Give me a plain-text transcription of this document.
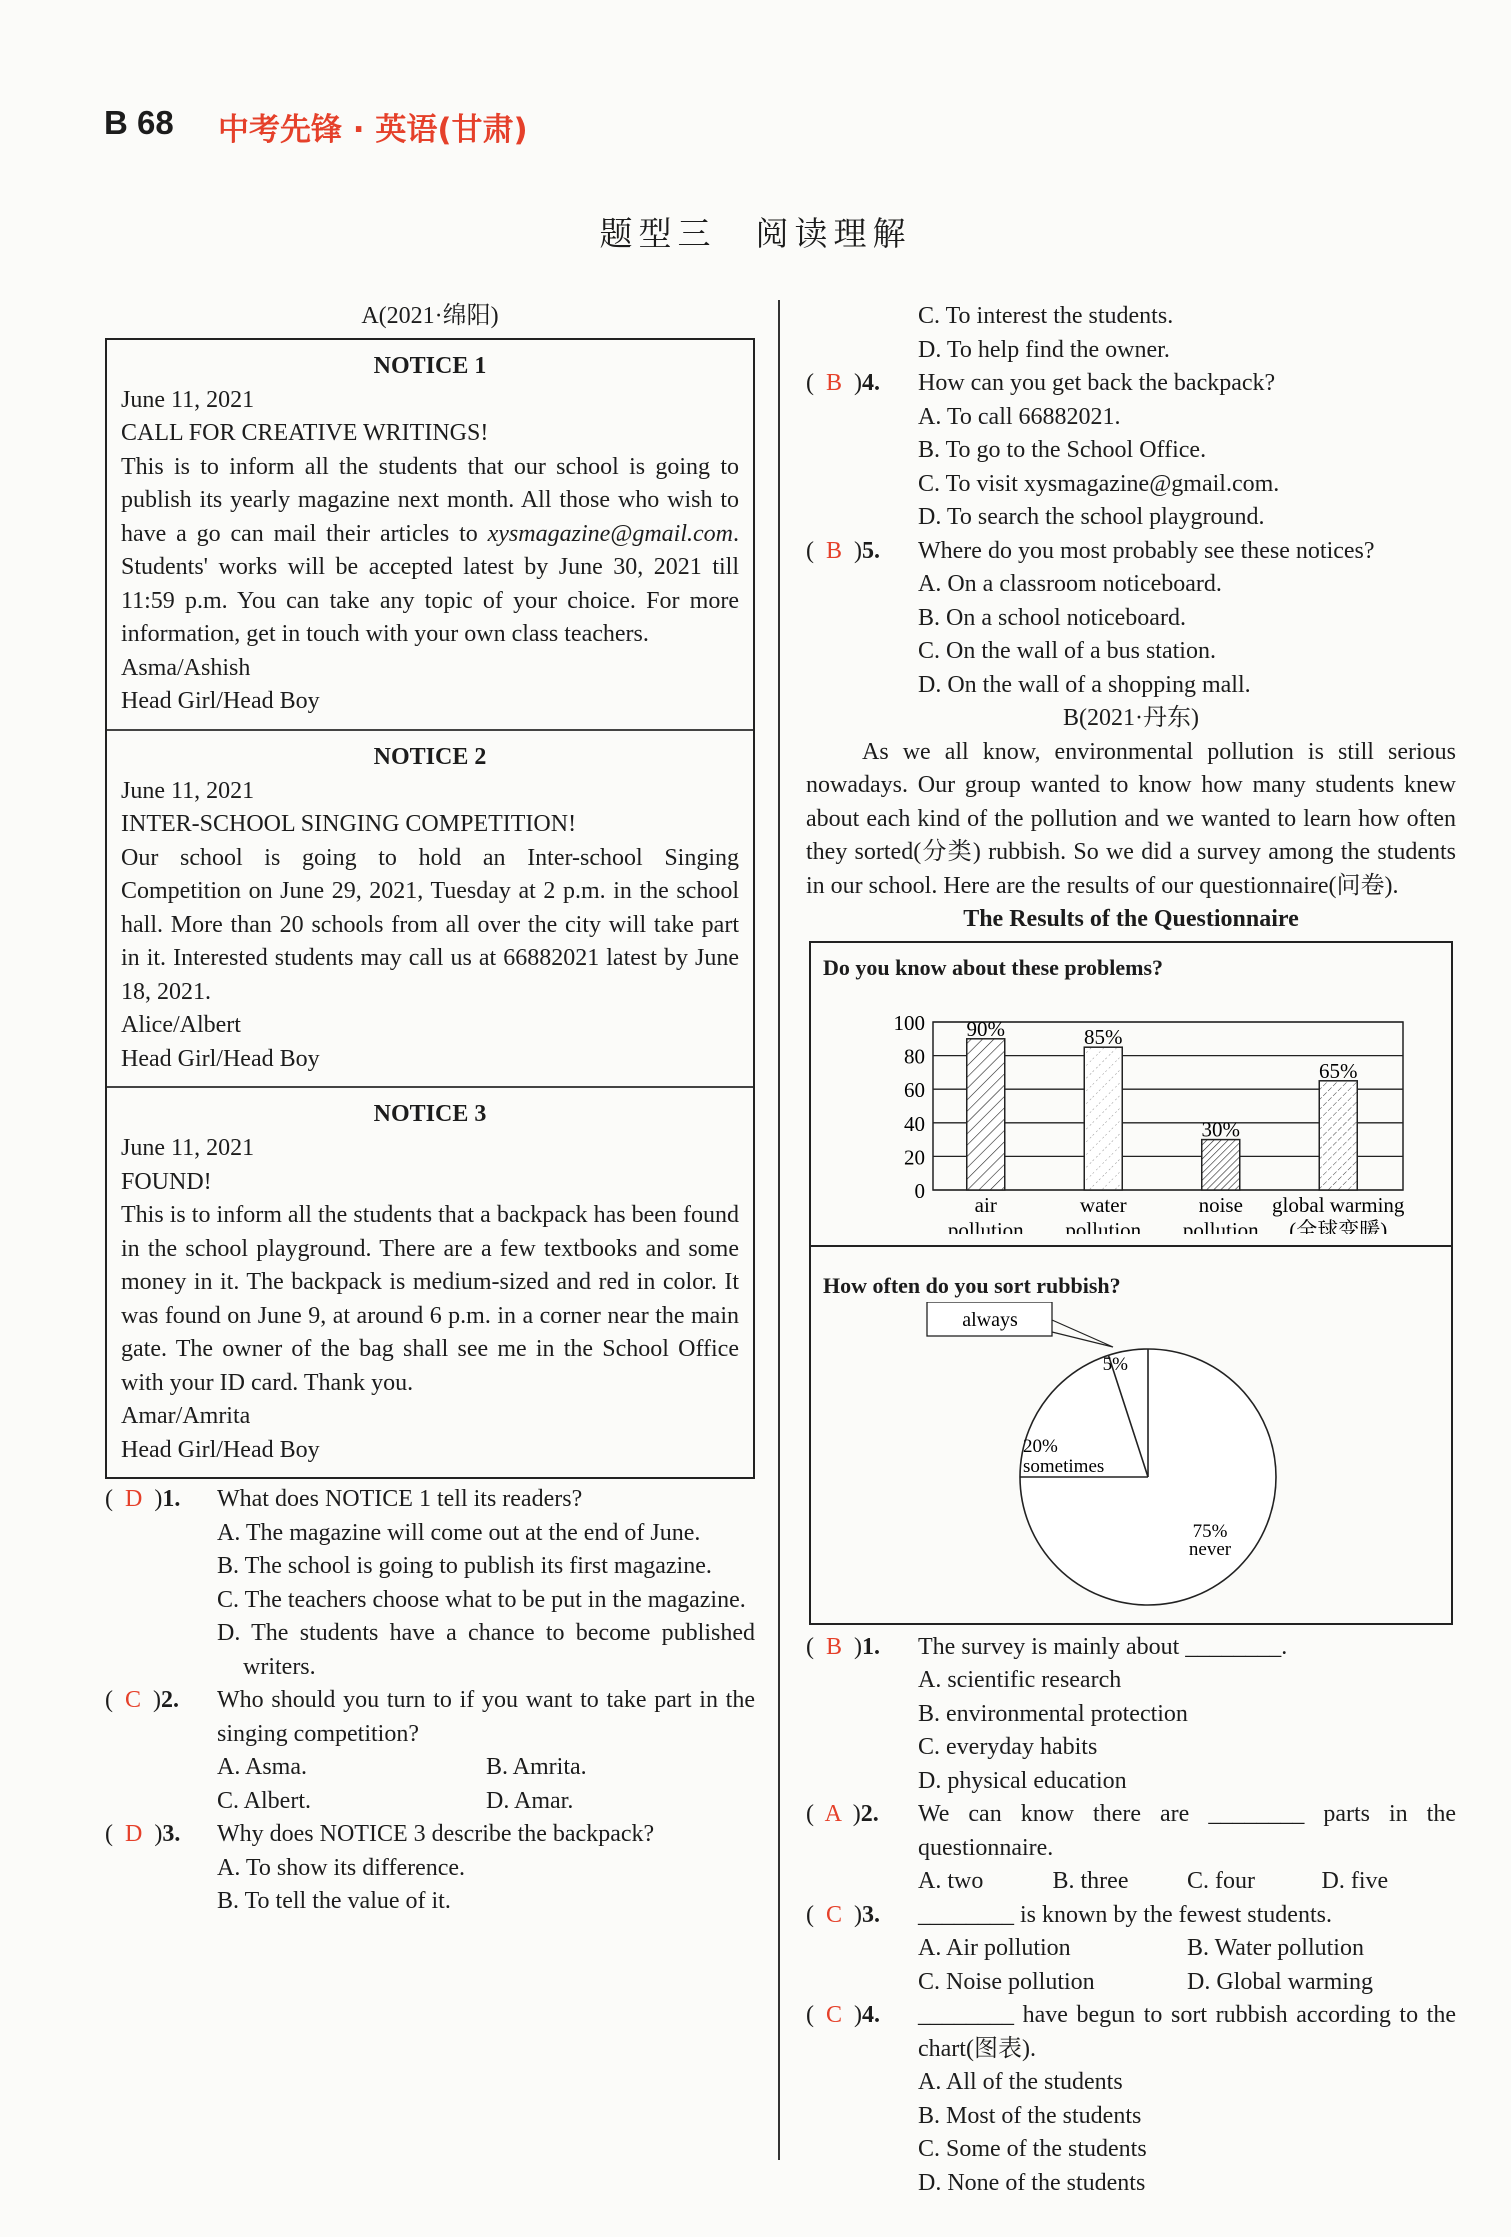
B 68 中考先锋 · 英语(甘肃)
题型三　阅读理解
A(2021·绵阳)
NOTICE 1
June 11, 2021
CALL FOR CREATIVE WRITINGS!
This is to inform all the students that our school is going to publish its yearly magazine next month. All those who wish to have a go can mail their articles to xysmagazine@gmail.com. Students' works will be accepted latest by June 30, 2021 till 11:59 p.m. You can take any topic of your choice. For more information, get in touch with your own class teachers.
Asma/Ashish
Head Girl/Head Boy
NOTICE 2
June 11, 2021
INTER-SCHOOL SINGING COMPETITION!
Our school is going to hold an Inter-school Singing Competition on June 29, 2021, Tuesday at 2 p.m. in the school hall. More than 20 schools from all over the city will take part in it. Interested students may call us at 66882021 latest by June 18, 2021.
Alice/Albert
Head Girl/Head Boy
NOTICE 3
June 11, 2021
FOUND!
This is to inform all the students that a backpack has been found in the school playground. There are a few textbooks and some money in it. The backpack is medium-sized and red in color. It was found on June 9, at around 6 p.m. in a corner near the main gate. The owner of the bag shall see me in the School Office with your ID card. Thank you.
Amar/Amrita
Head Girl/Head Boy
(  D  )1.	What does NOTICE 1 tell its readers?
A. The magazine will come out at the end of June.
B. The school is going to publish its first magazine.
C. The teachers choose what to be put in the magazine.
D. The students have a chance to become published writers.
(  C  )2.	Who should you turn to if you want to take part in the singing competition?
A. Asma.	B. Amrita.
C. Albert.	D. Amar.
(  D  )3.	Why does NOTICE 3 describe the backpack?
A. To show its difference.
B. To tell the value of it.
C. To interest the students.
D. To help find the owner.
(  B  )4.	How can you get back the backpack?
A. To call 66882021.
B. To go to the School Office.
C. To visit xysmagazine@gmail.com.
D. To search the school playground.
(  B  )5.	Where do you most probably see these notices?
A. On a classroom noticeboard.
B. On a school noticeboard.
C. On the wall of a bus station.
D. On the wall of a shopping mall.
B(2021·丹东)
As we all know, environmental pollution is still serious nowadays. Our group wanted to know how many students knew about each kind of the pollution and we wanted to learn how often they sorted(分类) rubbish. So we did a survey among the students in our school. Here are the results of our questionnaire(问卷).
The Results of the Questionnaire
Do you know about these problems?
0
20
40
60
80
100 90%
air
pollution
85%
water
pollution
30%
noise
pollution
65%
global warming
(全球变暖)
How often do you sort rubbish?
5%
20%
sometimes
75%
never
always
(  B  )1.	The survey is mainly about ________.
A. scientific research
B. environmental protection
C. everyday habits
D. physical education
(  A  )2.	We can know there are ________ parts in the questionnaire.
A. two	B. three	C. four	D. five
(  C  )3.	________ is known by the fewest students.
A. Air pollution	B. Water pollution
C. Noise pollution	D. Global warming
(  C  )4.	________ have begun to sort rubbish according to the chart(图表).
A. All of the students
B. Most of the students
C. Some of the students
D. None of the students
